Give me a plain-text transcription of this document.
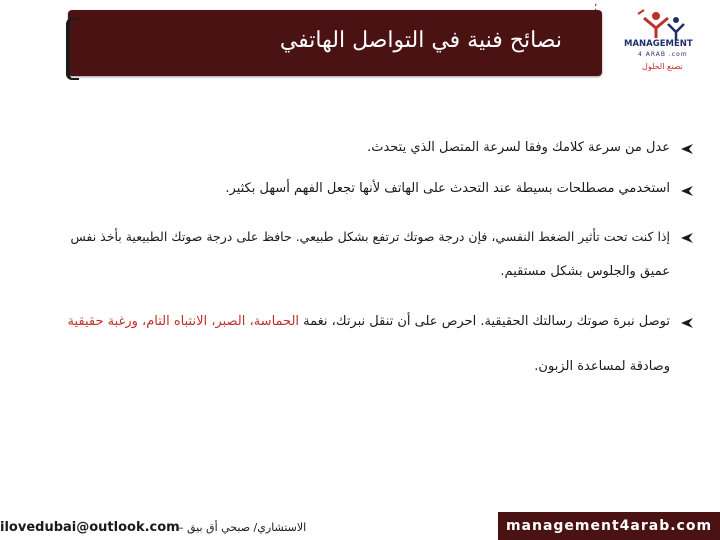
؛
؛
نصائح فنية في التواصل الهاتفي	MANAGEMENT
4 ARAB .com
نصنع الحلول
عدل من سرعة كلامك وفقا لسرعة المتصل الذي يتحدث.
استخدمي مصطلحات بسيطة عند التحدث على الهاتف لأنها تجعل الفهم أسهل بكثير.
إذا كنت تحت تأثير الضغط النفسي، فإن درجة صوتك ترتفع بشكل طبيعي. حافظ على درجة صوتك الطبيعية بأخذ نفس
عميق والجلوس بشكل مستقيم.
توصل نبرة صوتك رسالتك الحقيقية. احرص على أن تنقل نبرتك، نغمة الحماسة، الصبر، الانتباه التام، ورغبة حقيقية
وصادقة لمساعدة الزبون.
ilovedubai@outlook.com
الاستشاري/ صبحي أق بيق –	management4arab.com
